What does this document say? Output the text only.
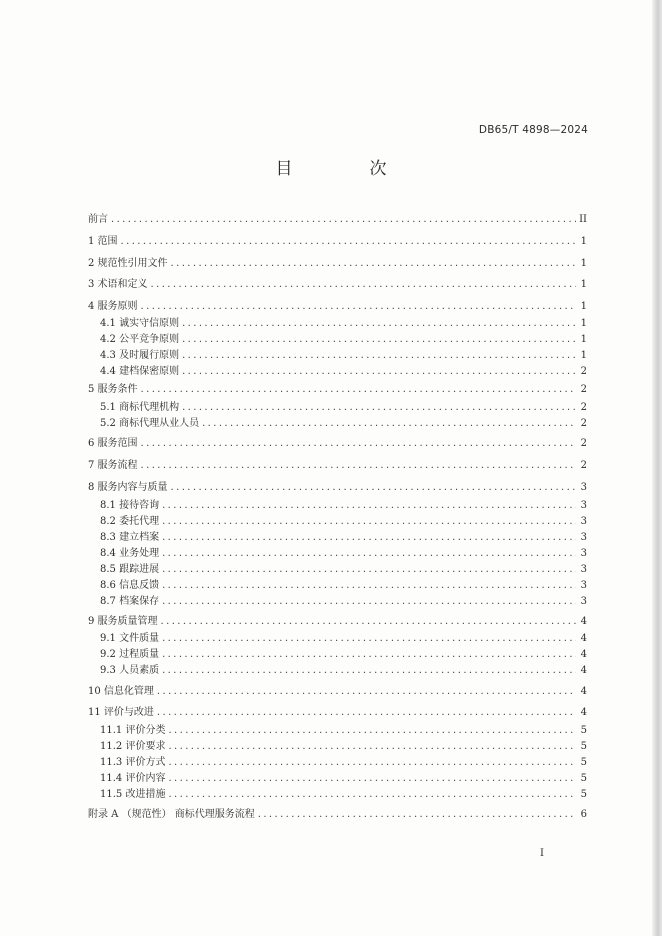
DB65/T 4898—2024
目　次
前言 .....	II
1 范围 .....	1
2 规范性引用文件 .....	1
3 术语和定义 .....	1
4 服务原则 .....	1
4.1 诚实守信原则 .....	1
4.2 公平竞争原则 .....	1
4.3 及时履行原则 .....	1
4.4 建档保密原则 .....	2
5 服务条件 .....	2
5.1 商标代理机构 .....	2
5.2 商标代理从业人员 .....	2
6 服务范围 .....	2
7 服务流程 .....	2
8 服务内容与质量 .....	3
8.1 接待咨询 .....	3
8.2 委托代理 .....	3
8.3 建立档案 .....	3
8.4 业务处理 .....	3
8.5 跟踪进展 .....	3
8.6 信息反馈 .....	3
8.7 档案保存 .....	3
9 服务质量管理 .....	4
9.1 文件质量 .....	4
9.2 过程质量 .....	4
9.3 人员素质 .....	4
10 信息化管理 .....	4
11 评价与改进 .....	4
11.1 评价分类 .....	5
11.2 评价要求 .....	5
11.3 评价方式 .....	5
11.4 评价内容 .....	5
11.5 改进措施 .....	5
附录 A （规范性） 商标代理服务流程 .....	6
I
